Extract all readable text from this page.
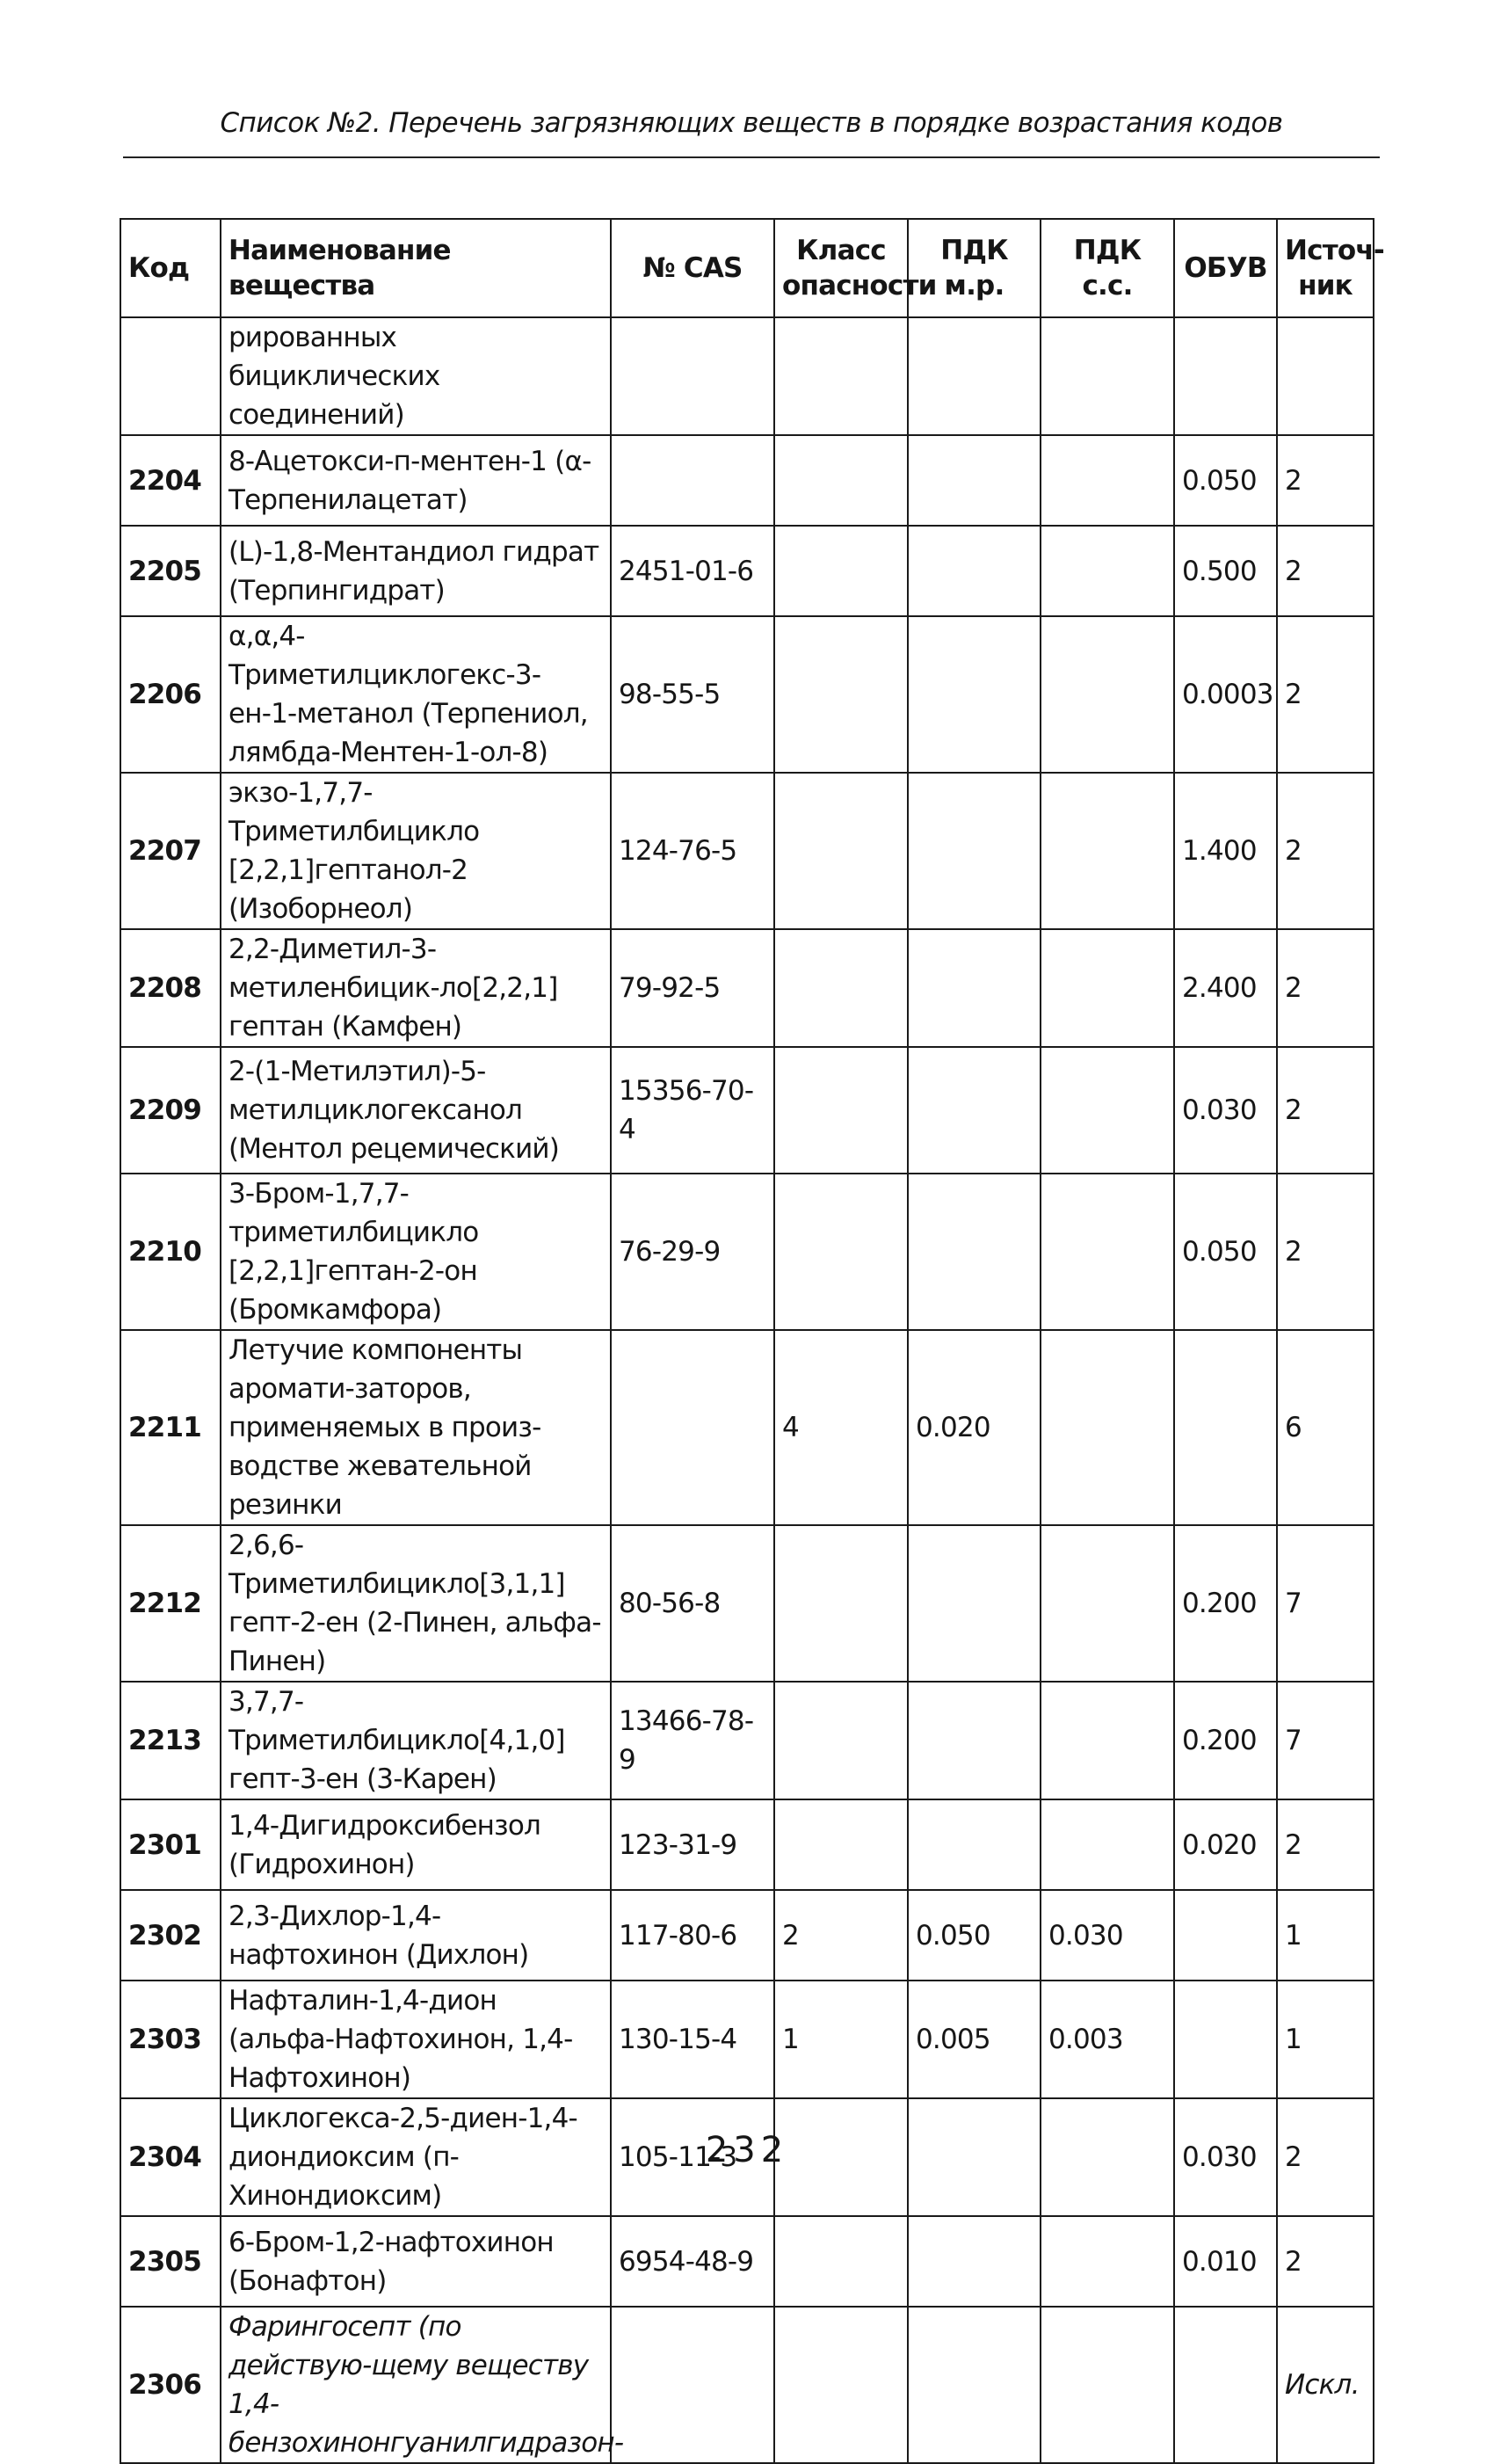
Список №2. Перечень загрязняющих веществ в порядке возрастания кодов
Код	Наименование вещества	№ CAS	Класс опасности	ПДК м.р.	ПДК с.с.	ОБУВ	Источ- ник
	рированных бициклических соединений)						
2204	8-Ацетокси-п-ментен-1 (α-Терпенилацетат)					0.050	2
2205	(L)-1,8-Ментандиол гидрат (Терпингидрат)	2451-01-6				0.500	2
2206	α,α,4-Триметилциклогекс-3-ен-1-метанол (Терпениол, лямбда-Ментен-1-ол-8)	98-55-5				0.0003	2
2207	экзо-1,7,7-Триметилбицикло [2,2,1]гептанол-2 (Изоборнеол)	124-76-5				1.400	2
2208	2,2-Диметил-3-метиленбицик-ло[2,2,1] гептан (Камфен)	79-92-5				2.400	2
2209	2-(1-Метилэтил)-5-метилциклогексанол (Ментол рецемический)	15356-70-4				0.030	2
2210	3-Бром-1,7,7-триметилбицикло [2,2,1]гептан-2-он (Бромкамфора)	76-29-9				0.050	2
2211	Летучие компоненты аромати-заторов, применяемых в произ-водстве жевательной резинки		4	0.020			6
2212	2,6,6-Триметилбицикло[3,1,1] гепт-2-ен (2-Пинен, альфа-Пинен)	80-56-8				0.200	7
2213	3,7,7-Триметилбицикло[4,1,0] гепт-3-ен (3-Карен)	13466-78-9				0.200	7
2301	1,4-Дигидроксибензол (Гидрохинон)	123-31-9				0.020	2
2302	2,3-Дихлор-1,4-нафтохинон (Дихлон)	117-80-6	2	0.050	0.030		1
2303	Нафталин-1,4-дион (альфа-Нафтохинон, 1,4-Нафтохинон)	130-15-4	1	0.005	0.003		1
2304	Циклогекса-2,5-диен-1,4-диондиоксим (п-Хинондиоксим)	105-11-3				0.030	2
2305	6-Бром-1,2-нафтохинон (Бонафтон)	6954-48-9				0.010	2
2306	Фарингосепт (по действую-щему веществу 1,4-бензохинонгуанилгидразон-						Искл.
232
